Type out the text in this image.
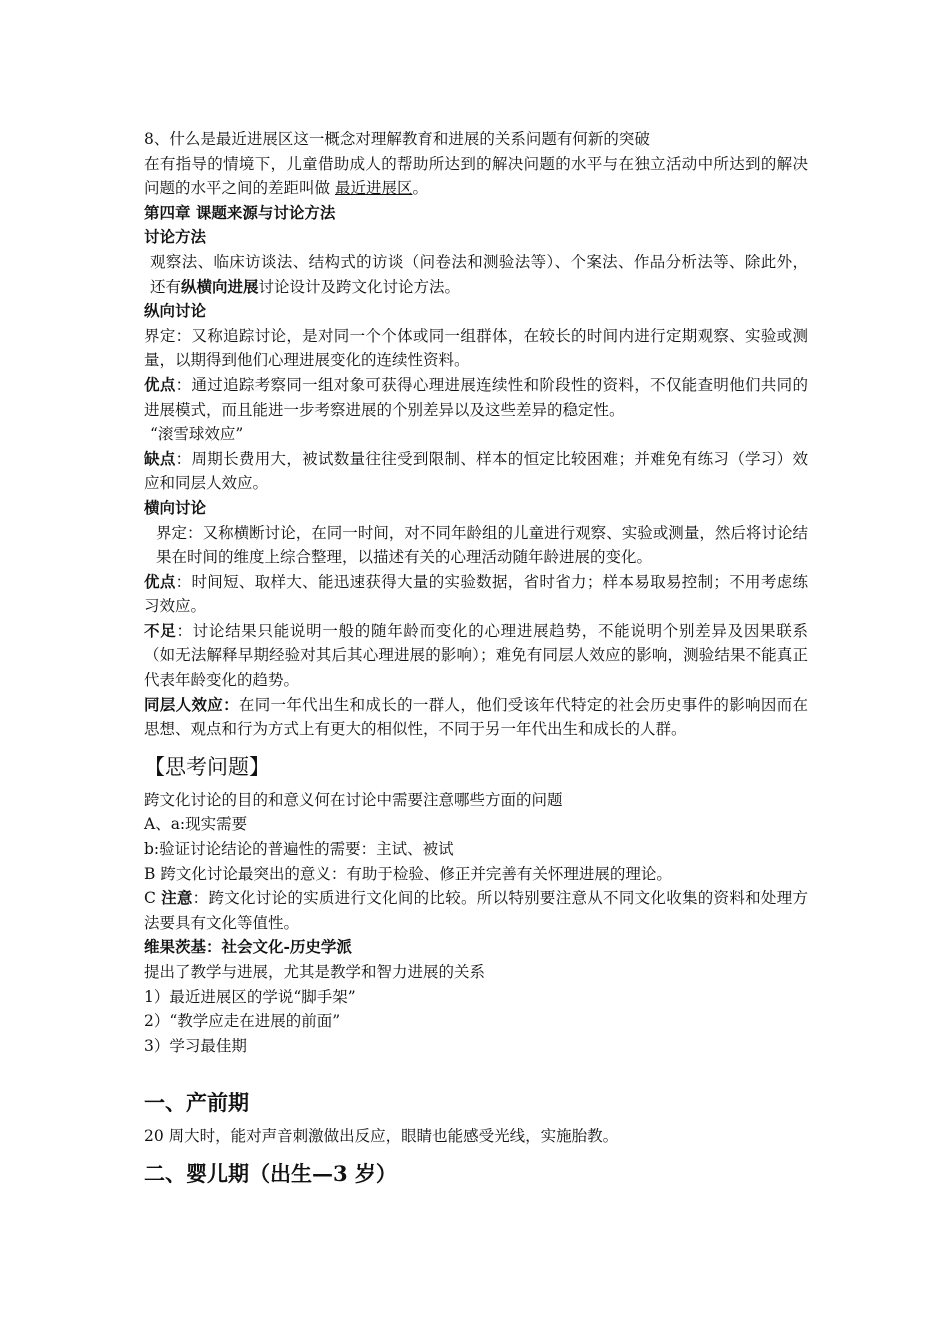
8、什么是最近进展区这一概念对理解教育和进展的关系问题有何新的突破

在有指导的情境下，儿童借助成人的帮助所达到的解决问题的水平与在独立活动中所达到的解决问题的水平之间的差距叫做 最近进展区。

第四章 课题来源与讨论方法

讨论方法

观察法、临床访谈法、结构式的访谈（问卷法和测验法等）、个案法、作品分析法等、除此外，还有纵横向进展讨论设计及跨文化讨论方法。

纵向讨论

界定：又称追踪讨论，是对同一个个体或同一组群体，在较长的时间内进行定期观察、实验或测量，以期得到他们心理进展变化的连续性资料。

优点：通过追踪考察同一组对象可获得心理进展连续性和阶段性的资料，不仅能查明他们共同的进展模式，而且能进一步考察进展的个别差异以及这些差异的稳定性。

“滚雪球效应”

缺点：周期长费用大，被试数量往往受到限制、样本的恒定比较困难；并难免有练习（学习）效应和同层人效应。

横向讨论

界定：又称横断讨论，在同一时间，对不同年龄组的儿童进行观察、实验或测量，然后将讨论结果在时间的维度上综合整理，以描述有关的心理活动随年龄进展的变化。

优点：时间短、取样大、能迅速获得大量的实验数据，省时省力；样本易取易控制；不用考虑练习效应。

不足：讨论结果只能说明一般的随年龄而变化的心理进展趋势，不能说明个别差异及因果联系（如无法解释早期经验对其后其心理进展的影响）；难免有同层人效应的影响，测验结果不能真正代表年龄变化的趋势。

同层人效应：在同一年代出生和成长的一群人，他们受该年代特定的社会历史事件的影响因而在思想、观点和行为方式上有更大的相似性，不同于另一年代出生和成长的人群。

【思考问题】

跨文化讨论的目的和意义何在讨论中需要注意哪些方面的问题

A、a:现实需要

b:验证讨论结论的普遍性的需要：主试、被试

B 跨文化讨论最突出的意义：有助于检验、修正并完善有关怀理进展的理论。

C 注意：跨文化讨论的实质进行文化间的比较。所以特别要注意从不同文化收集的资料和处理方法要具有文化等值性。

维果茨基：社会文化-历史学派

提出了教学与进展，尤其是教学和智力进展的关系

1）最近进展区的学说“脚手架”

2）“教学应走在进展的前面”

3）学习最佳期

一、产前期

20 周大时，能对声音刺激做出反应，眼睛也能感受光线，实施胎教。

二、婴儿期（出生—3 岁）
